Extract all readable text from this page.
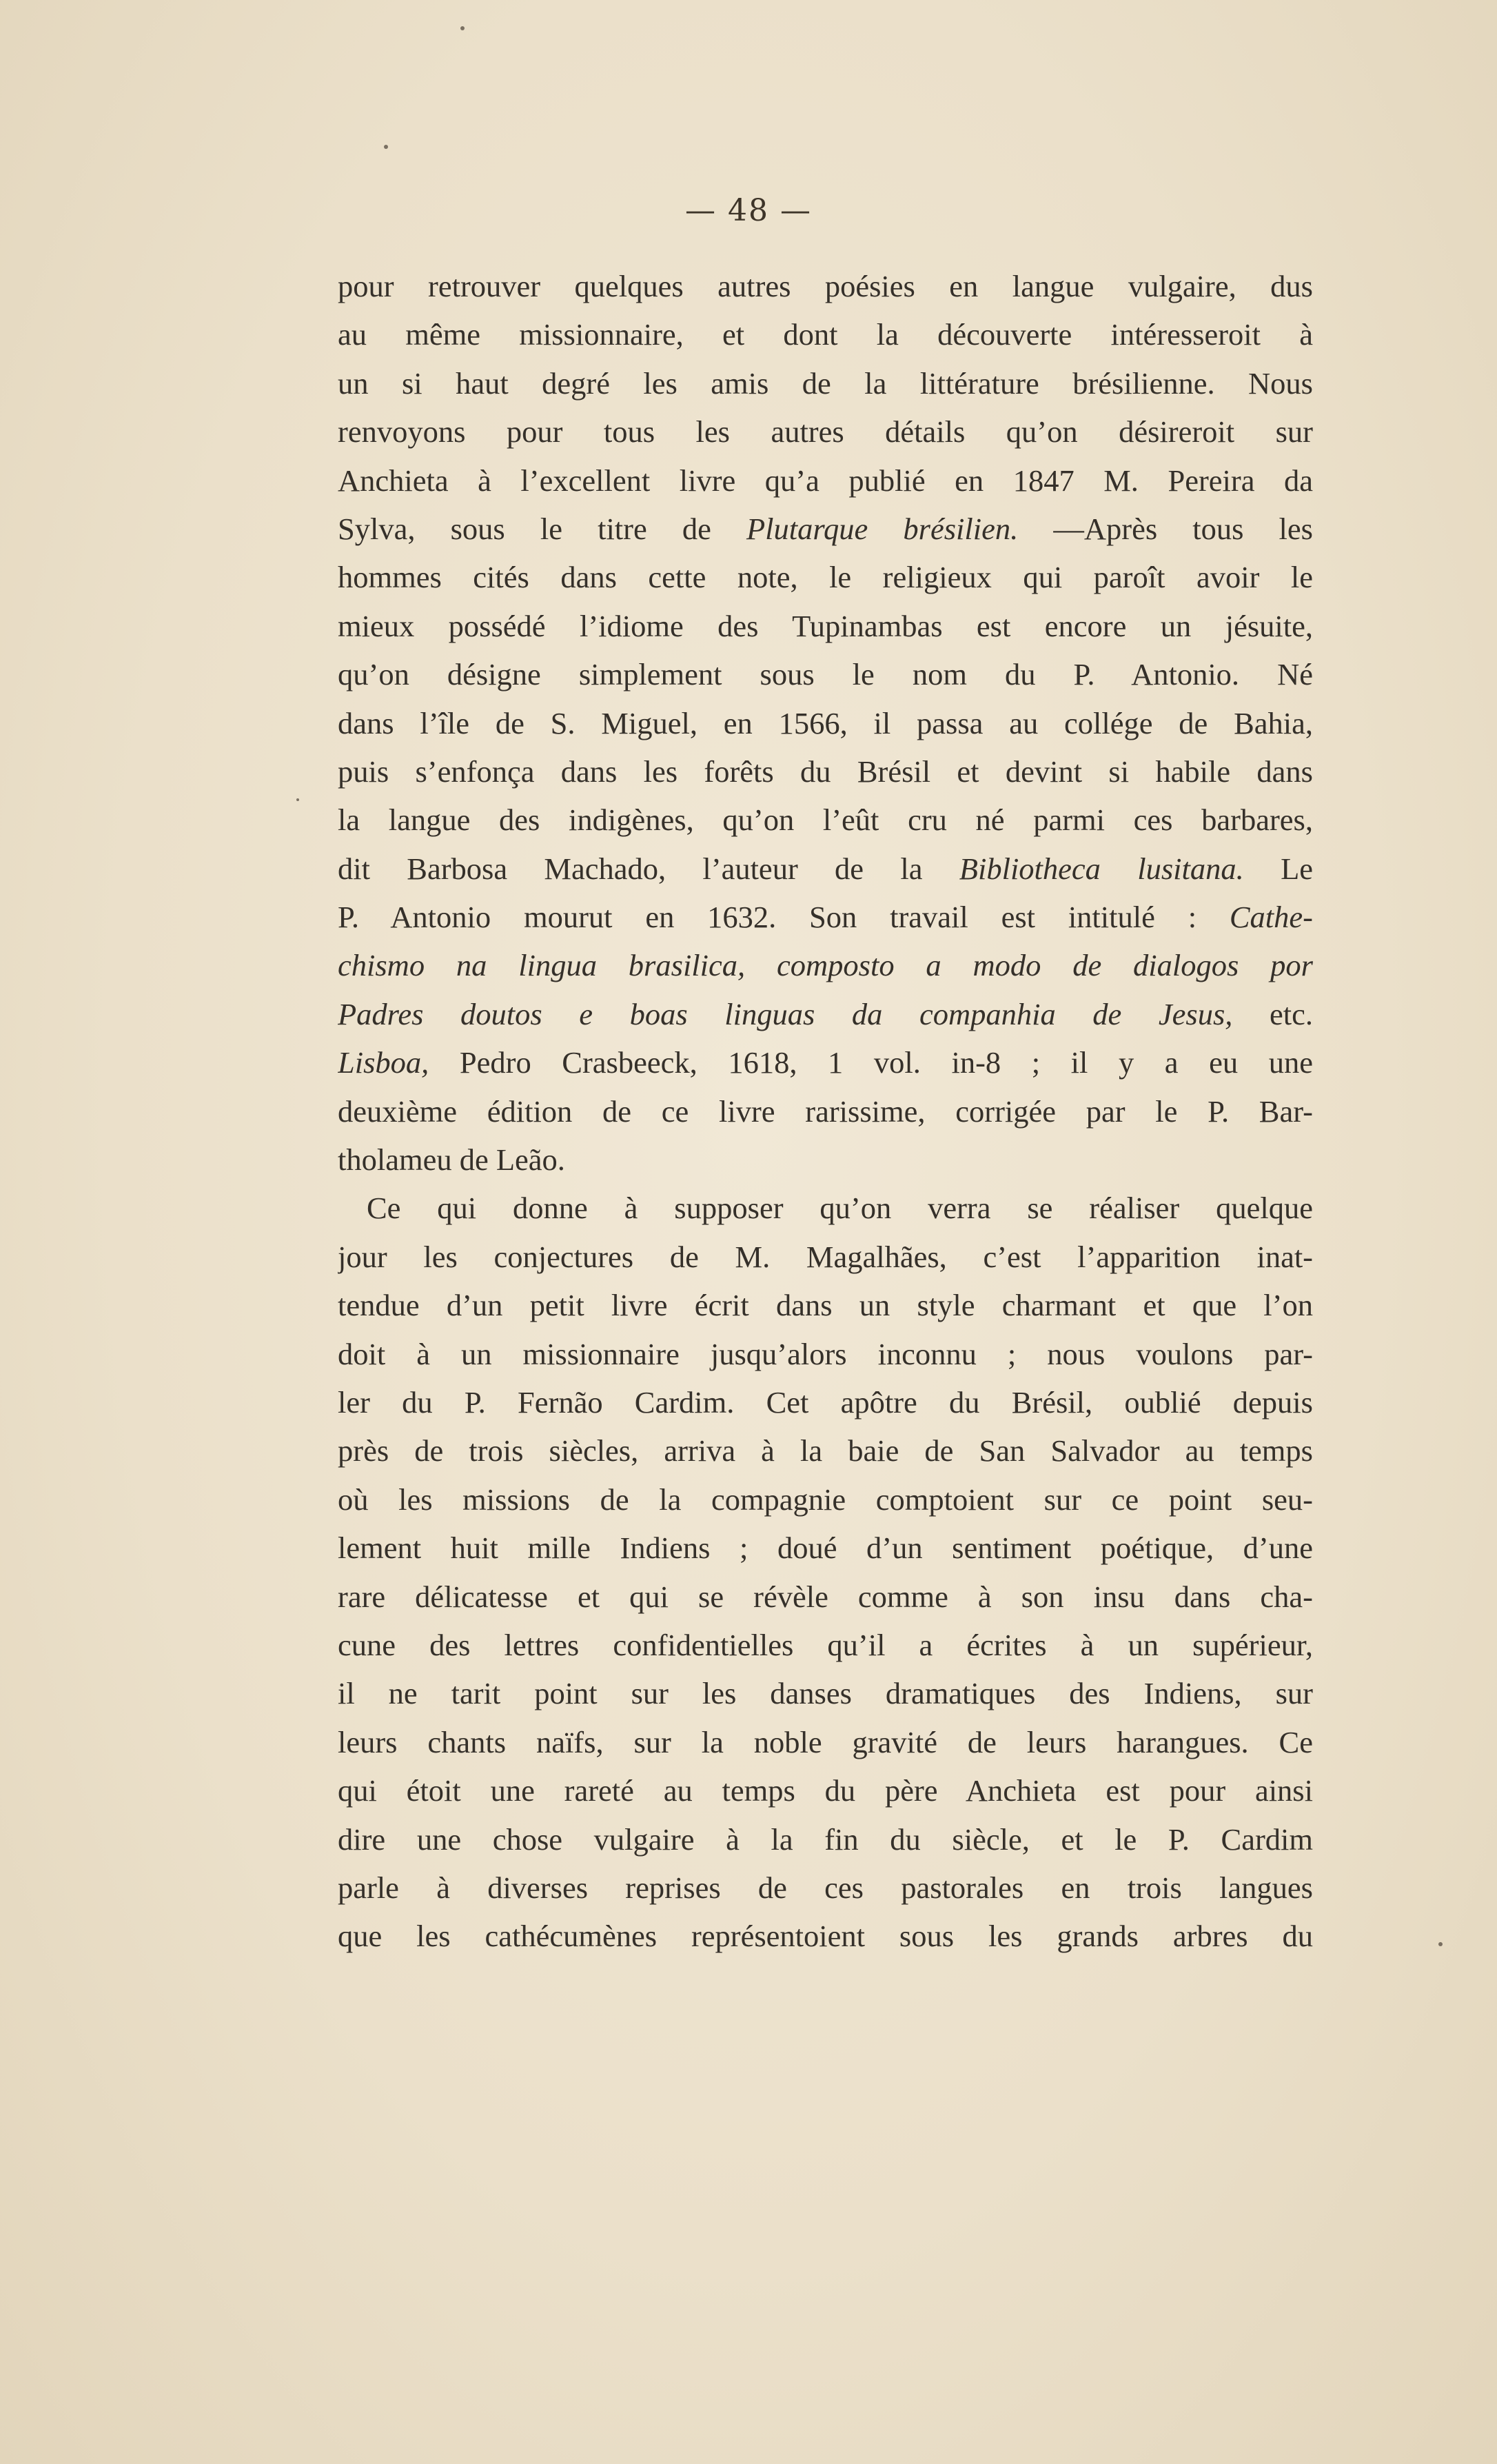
— 48 —
pour retrouver quelques autres poésies en langue vulgaire, dus
au même missionnaire, et dont la découverte intéresseroit à
un si haut degré les amis de la littérature brésilienne. Nous
renvoyons pour tous les autres détails qu’on désireroit sur
Anchieta à l’excellent livre qu’a publié en 1847 M. Pereira da
Sylva, sous le titre de Plutarque brésilien. —Après tous les
hommes cités dans cette note, le religieux qui paroît avoir le
mieux possédé l’idiome des Tupinambas est encore un jésuite,
qu’on désigne simplement sous le nom du P. Antonio. Né
dans l’île de S. Miguel, en 1566, il passa au collége de Bahia,
puis s’enfonça dans les forêts du Brésil et devint si habile dans
la langue des indigènes, qu’on l’eût cru né parmi ces barbares,
dit Barbosa Machado, l’auteur de la Bibliotheca lusitana. Le
P. Antonio mourut en 1632. Son travail est intitulé : Cathe-
chismo na lingua brasilica, composto a modo de dialogos por
Padres doutos e boas linguas da companhia de Jesus, etc.
Lisboa, Pedro Crasbeeck, 1618, 1 vol. in-8 ; il y a eu une
deuxième édition de ce livre rarissime, corrigée par le P. Bar-
tholameu de Leão.
Ce qui donne à supposer qu’on verra se réaliser quelque
jour les conjectures de M. Magalhães, c’est l’apparition inat-
tendue d’un petit livre écrit dans un style charmant et que l’on
doit à un missionnaire jusqu’alors inconnu ; nous voulons par-
ler du P. Fernão Cardim. Cet apôtre du Brésil, oublié depuis
près de trois siècles, arriva à la baie de San Salvador au temps
où les missions de la compagnie comptoient sur ce point seu-
lement huit mille Indiens ; doué d’un sentiment poétique, d’une
rare délicatesse et qui se révèle comme à son insu dans cha-
cune des lettres confidentielles qu’il a écrites à un supérieur,
il ne tarit point sur les danses dramatiques des Indiens, sur
leurs chants naïfs, sur la noble gravité de leurs harangues. Ce
qui étoit une rareté au temps du père Anchieta est pour ainsi
dire une chose vulgaire à la fin du siècle, et le P. Cardim
parle à diverses reprises de ces pastorales en trois langues
que les cathécumènes représentoient sous les grands arbres du
